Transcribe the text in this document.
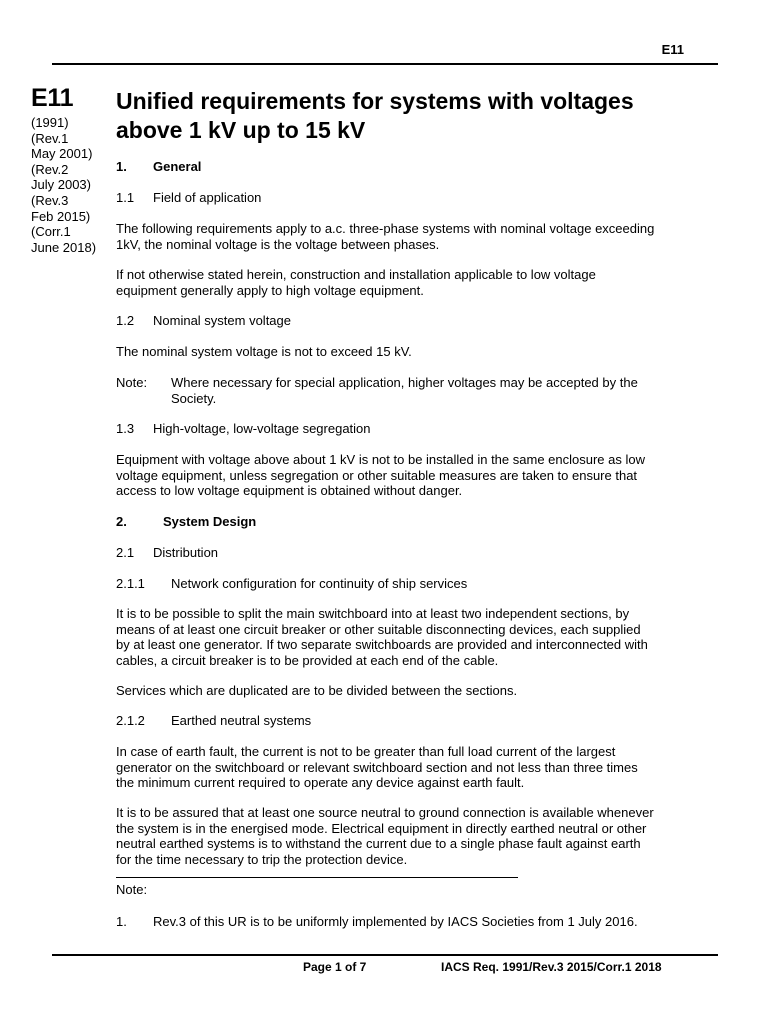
E11
E11
(1991)
(Rev.1
May 2001)
(Rev.2
July 2003)
(Rev.3
Feb 2015)
(Corr.1
June 2018)
Unified requirements for systems with voltages
above 1 kV up to 15 kV
1. General
1.1 Field of application
The following requirements apply to a.c. three-phase systems with nominal voltage exceeding
1kV, the nominal voltage is the voltage between phases.
If not otherwise stated herein, construction and installation applicable to low voltage
equipment generally apply to high voltage equipment.
1.2 Nominal system voltage
The nominal system voltage is not to exceed 15 kV.
Note:	Where necessary for special application, higher voltages may be accepted by the
Society.
1.3 High-voltage, low-voltage segregation
Equipment with voltage above about 1 kV is not to be installed in the same enclosure as low
voltage equipment, unless segregation or other suitable measures are taken to ensure that
access to low voltage equipment is obtained without danger.
2.	System Design
2.1 Distribution
2.1.1 Network configuration for continuity of ship services
It is to be possible to split the main switchboard into at least two independent sections, by
means of at least one circuit breaker or other suitable disconnecting devices, each supplied
by at least one generator. If two separate switchboards are provided and interconnected with
cables, a circuit breaker is to be provided at each end of the cable.
Services which are duplicated are to be divided between the sections.
2.1.2 Earthed neutral systems
In case of earth fault, the current is not to be greater than full load current of the largest
generator on the switchboard or relevant switchboard section and not less than three times
the minimum current required to operate any device against earth fault.
It is to be assured that at least one source neutral to ground connection is available whenever
the system is in the energised mode. Electrical equipment in directly earthed neutral or other
neutral earthed systems is to withstand the current due to a single phase fault against earth
for the time necessary to trip the protection device.
Note:
1. Rev.3 of this UR is to be uniformly implemented by IACS Societies from 1 July 2016.
Page 1 of 7	IACS Req. 1991/Rev.3 2015/Corr.1 2018
